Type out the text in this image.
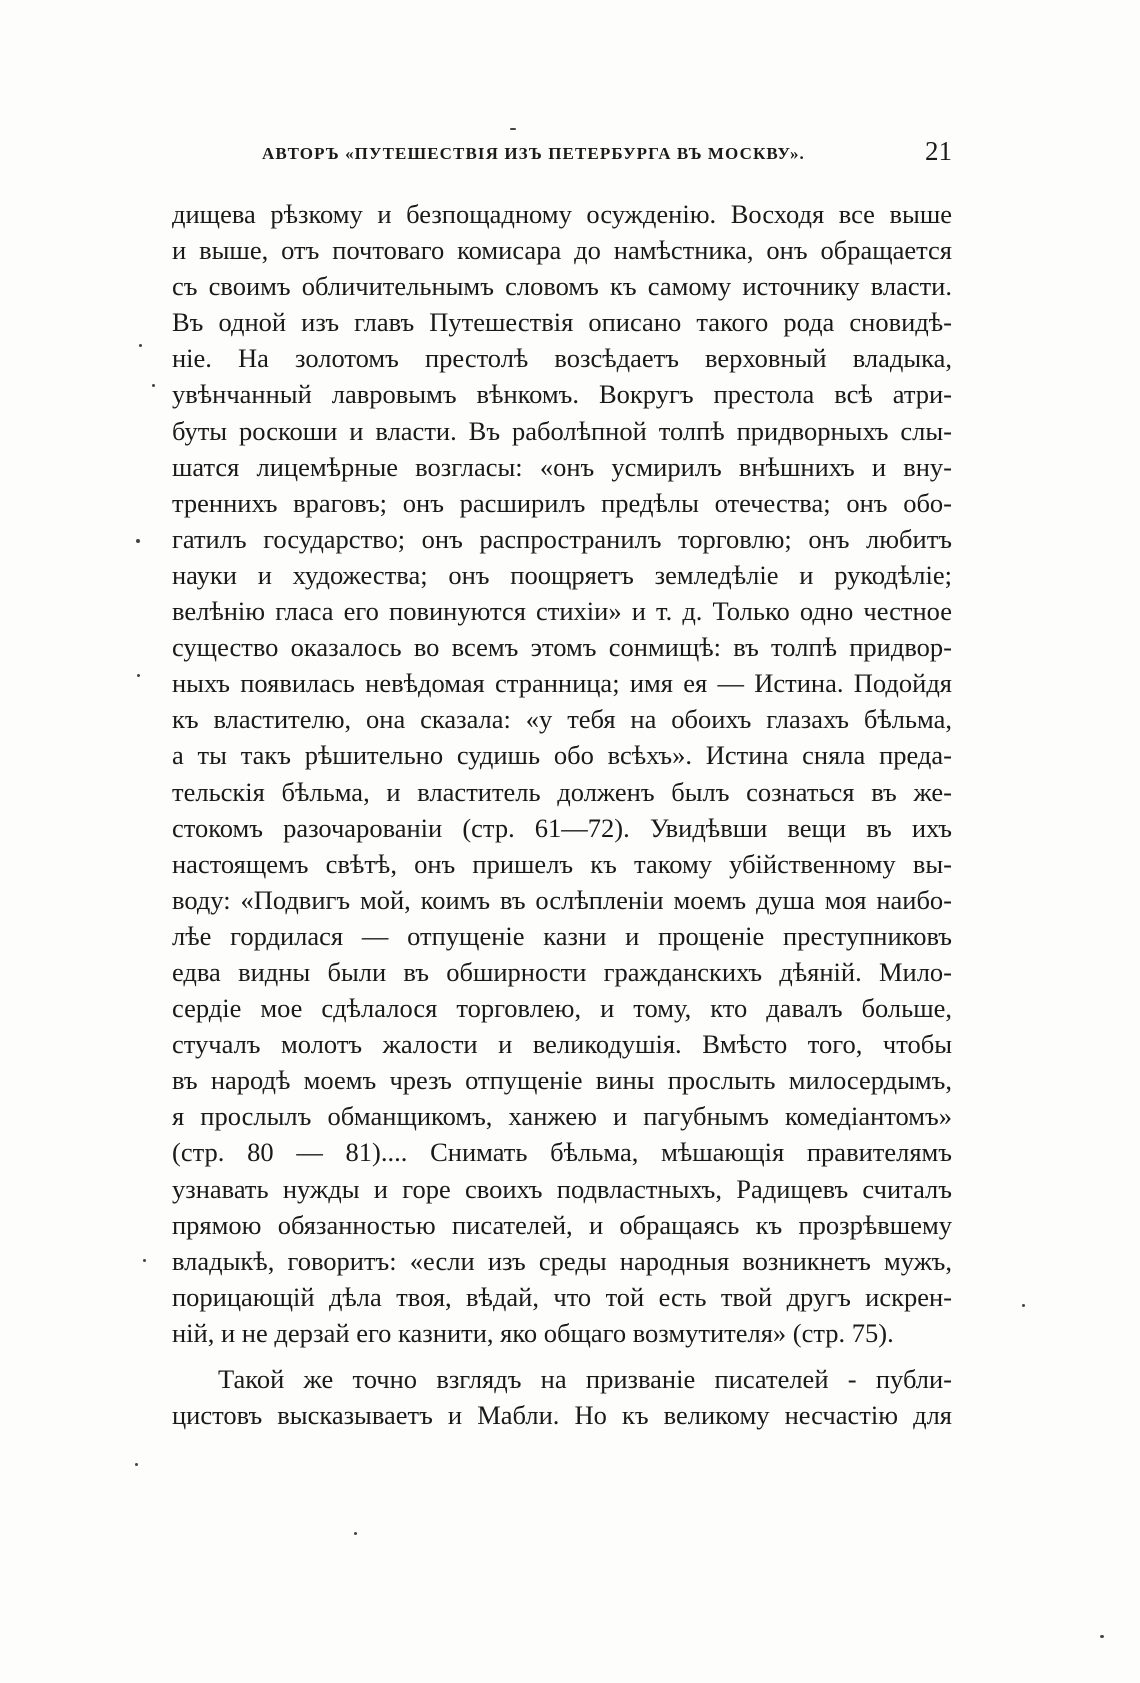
АВТОРЪ «ПУТЕШЕСТВІЯ ИЗЪ ПЕТЕРБУРГА ВЪ МОСКВУ».	21
дищева рѣзкому и безпощадному осужденію. Восходя все выше
и выше, отъ почтоваго комисара до намѣстника, онъ обращается
съ своимъ обличительнымъ словомъ къ самому источнику власти.
Въ одной изъ главъ Путешествія описано такого рода сновидѣ-
ніе. На золотомъ престолѣ возсѣдаетъ верховный владыка,
увѣнчанный лавровымъ вѣнкомъ. Вокругъ престола всѣ атри-
буты роскоши и власти. Въ раболѣпной толпѣ придворныхъ слы-
шатся лицемѣрные возгласы: «онъ усмирилъ внѣшнихъ и вну-
треннихъ враговъ; онъ расширилъ предѣлы отечества; онъ обо-
гатилъ государство; онъ распространилъ торговлю; онъ любитъ
науки и художества; онъ поощряетъ земледѣліе и рукодѣліе;
велѣнію гласа его повинуются стихіи» и т. д. Только одно честное
существо оказалось во всемъ этомъ сонмищѣ: въ толпѣ придвор-
ныхъ появилась невѣдомая странница; имя ея — Истина. Подойдя
къ властителю, она сказала: «у тебя на обоихъ глазахъ бѣльма,
а ты такъ рѣшительно судишь обо всѣхъ». Истина сняла преда-
тельскія бѣльма, и властитель долженъ былъ сознаться въ же-
стокомъ разочарованіи (стр. 61—72). Увидѣвши вещи въ ихъ
настоящемъ свѣтѣ, онъ пришелъ къ такому убійственному вы-
воду: «Подвигъ мой, коимъ въ ослѣпленіи моемъ душа моя наибо-
лѣе гордилася — отпущеніе казни и прощеніе преступниковъ
едва видны были въ обширности гражданскихъ дѣяній. Мило-
сердіе мое сдѣлалося торговлею, и тому, кто давалъ больше,
стучалъ молотъ жалости и великодушія. Вмѣсто того, чтобы
въ народѣ моемъ чрезъ отпущеніе вины прослыть милосердымъ,
я прослылъ обманщикомъ, ханжею и пагубнымъ комедіантомъ»
(стр. 80 — 81).... Снимать бѣльма, мѣшающія правителямъ
узнавать нужды и горе своихъ подвластныхъ, Радищевъ считалъ
прямою обязанностью писателей, и обращаясь къ прозрѣвшему
владыкѣ, говоритъ: «если изъ среды народныя возникнетъ мужъ,
порицающій дѣла твоя, вѣдай, что той есть твой другъ искрен-
ній, и не дерзай его казнити, яко общаго возмутителя» (стр. 75).
Такой же точно взглядъ на призваніе писателей - публи-
цистовъ высказываетъ и Мабли. Но къ великому несчастію для
